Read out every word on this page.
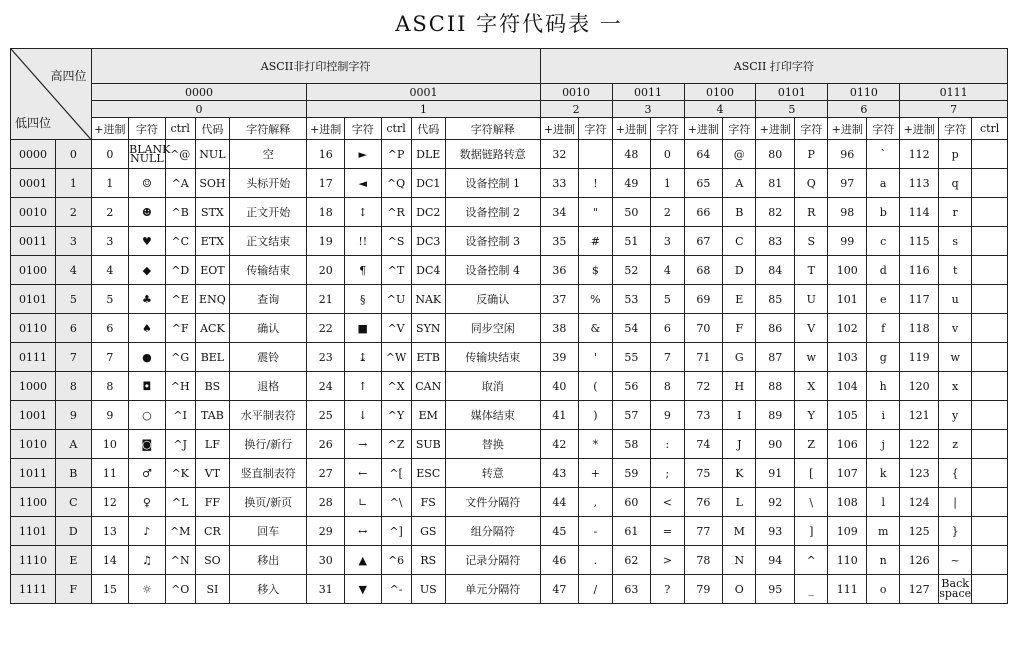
ASCII 字符代码表 一
高四位
低四位		ASCII非打印控制字符										ASCII 打印字符												
		0000					0001					0010		0011		0100		0101		0110		0111		
		0					1					2		3		4		5		6		7		
		+进制	字符	ctrl	代码	字符解释	+进制	字符	ctrl	代码	字符解释	+进制	字符	+进制	字符	+进制	字符	+进制	字符	+进制	字符	+进制	字符	ctrl
0000	0	0	BLANK NULL	^@	NUL	空	16	►	^P	DLE	数据链路转意	32		48	0	64	@	80	P	96	`	112	p	
0001	1	1	☺	^A	SOH	头标开始	17	◄	^Q	DC1	设备控制 1	33	!	49	1	65	A	81	Q	97	a	113	q	
0010	2	2	☻	^B	STX	正文开始	18	↕	^R	DC2	设备控制 2	34	"	50	2	66	B	82	R	98	b	114	r	
0011	3	3	♥	^C	ETX	正文结束	19	!!	^S	DC3	设备控制 3	35	#	51	3	67	C	83	S	99	c	115	s	
0100	4	4	◆	^D	EOT	传输结束	20	¶	^T	DC4	设备控制 4	36	$	52	4	68	D	84	T	100	d	116	t	
0101	5	5	♣	^E	ENQ	查询	21	§	^U	NAK	反确认	37	%	53	5	69	E	85	U	101	e	117	u	
0110	6	6	♠	^F	ACK	确认	22	■	^V	SYN	同步空闲	38	&	54	6	70	F	86	V	102	f	118	v	
0111	7	7	●	^G	BEL	震铃	23	↨	^W	ETB	传输块结束	39	'	55	7	71	G	87	w	103	g	119	w	
1000	8	8	◘	^H	BS	退格	24	↑	^X	CAN	取消	40	(	56	8	72	H	88	X	104	h	120	x	
1001	9	9	○	^I	TAB	水平制表符	25	↓	^Y	EM	媒体结束	41	)	57	9	73	I	89	Y	105	i	121	y	
1010	A	10	◙	^J	LF	换行/新行	26	→	^Z	SUB	替换	42	*	58	:	74	J	90	Z	106	j	122	z	
1011	B	11	♂	^K	VT	竖直制表符	27	←	^[	ESC	转意	43	+	59	;	75	K	91	[	107	k	123	{	
1100	C	12	♀	^L	FF	换页/新页	28	∟	^\	FS	文件分隔符	44	,	60	<	76	L	92	\	108	l	124	|	
1101	D	13	♪	^M	CR	回车	29	↔	^]	GS	组分隔符	45	-	61	=	77	M	93	]	109	m	125	}	
1110	E	14	♫	^N	SO	移出	30	▲	^6	RS	记录分隔符	46	.	62	>	78	N	94	^	110	n	126	~	
1111	F	15	☼	^O	SI	移入	31	▼	^-	US	单元分隔符	47	/	63	?	79	O	95	_	111	o	127	Back space	
